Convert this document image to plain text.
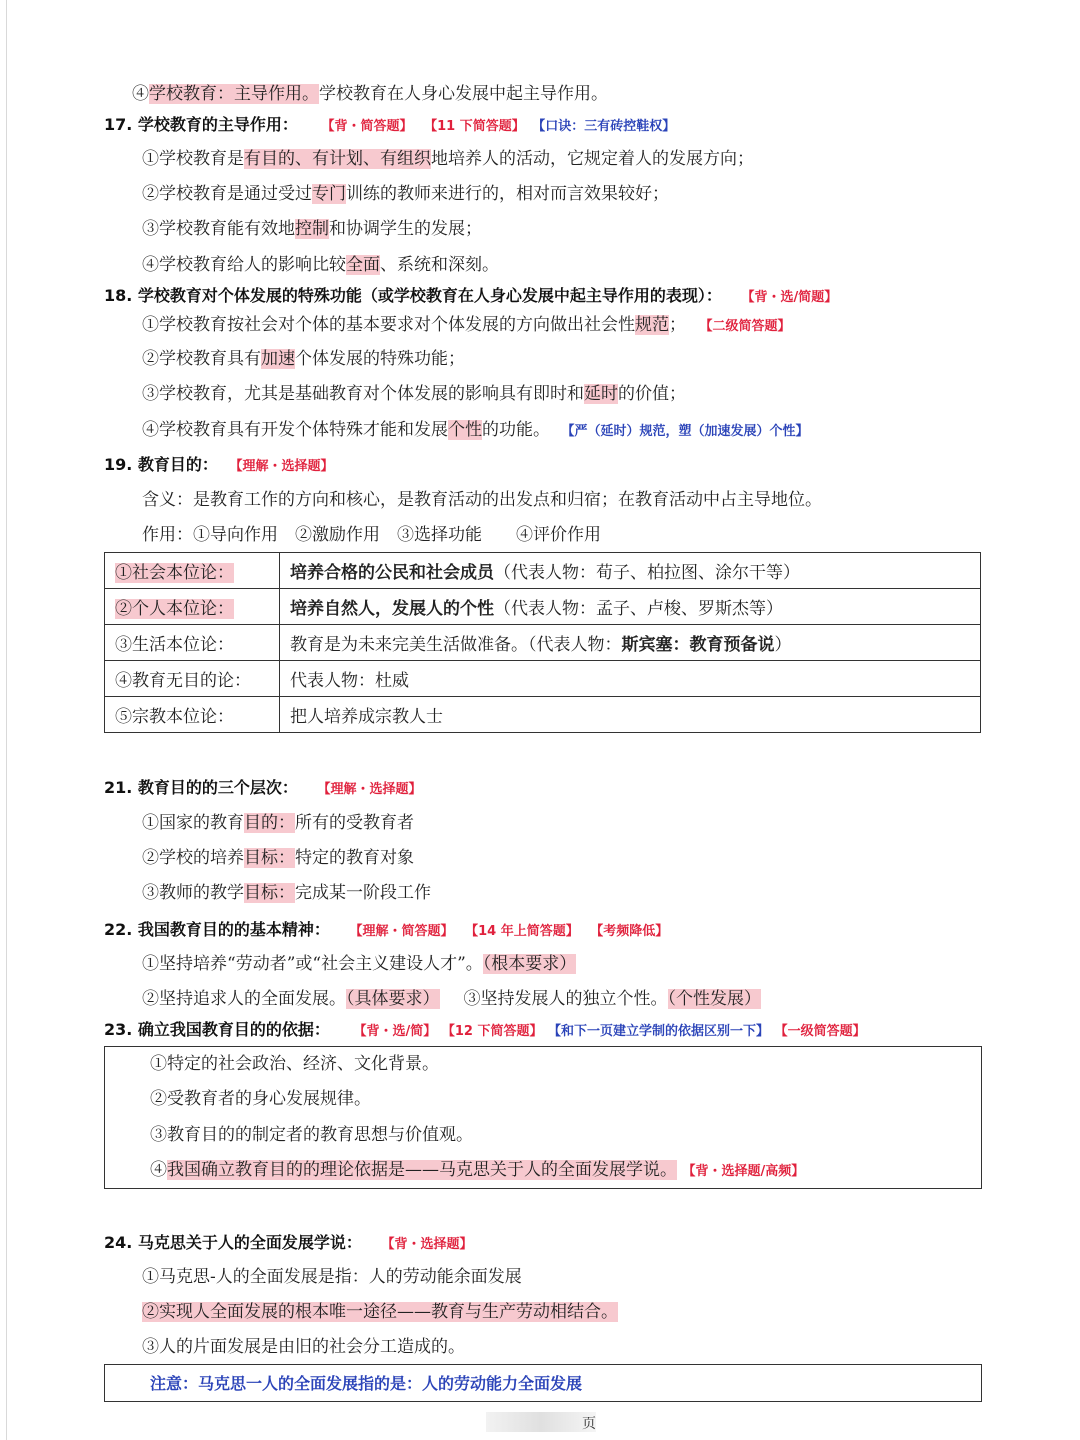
④学校教育：主导作用。学校教育在人身心发展中起主导作用。
17. 学校教育的主导作用： 【背・简答题】 【11 下简答题】 【口诀：三有砖控鞋权】
①学校教育是有目的、有计划、有组织地培养人的活动，它规定着人的发展方向；
②学校教育是通过受过专门训练的教师来进行的，相对而言效果较好；
③学校教育能有效地控制和协调学生的发展；
④学校教育给人的影响比较全面、系统和深刻。
18. 学校教育对个体发展的特殊功能（或学校教育在人身心发展中起主导作用的表现）： 【背・选/简题】
①学校教育按社会对个体的基本要求对个体发展的方向做出社会性规范； 【二级简答题】
②学校教育具有加速个体发展的特殊功能；
③学校教育，尤其是基础教育对个体发展的影响具有即时和延时的价值；
④学校教育具有开发个体特殊才能和发展个性的功能。 【严（延时）规范，塑（加速发展）个性】
19. 教育目的： 【理解・选择题】
含义：是教育工作的方向和核心，是教育活动的出发点和归宿；在教育活动中占主导地位。
作用：①导向作用　②激励作用　③选择功能　　④评价作用
①社会本位论：	培养合格的公民和社会成员（代表人物：荀子、柏拉图、涂尔干等）
②个人本位论：	培养自然人，发展人的个性（代表人物：孟子、卢梭、罗斯杰等）
③生活本位论：	教育是为未来完美生活做准备。（代表人物：斯宾塞：教育预备说）
④教育无目的论：	代表人物：杜威
⑤宗教本位论：	把人培养成宗教人士
21. 教育目的的三个层次： 【理解・选择题】
①国家的教育目的：所有的受教育者
②学校的培养目标：特定的教育对象
③教师的教学目标：完成某一阶段工作
22. 我国教育目的的基本精神： 【理解・简答题】 【14 年上简答题】 【考频降低】
①坚持培养“劳动者”或“社会主义建设人才”。（根本要求）
②坚持追求人的全面发展。（具体要求） ③坚持发展人的独立个性。（个性发展）
23. 确立我国教育目的的依据： 【背・选/简】 【12 下简答题】 【和下一页建立学制的依据区别一下】 【一级简答题】
①特定的社会政治、经济、文化背景。
②受教育者的身心发展规律。
③教育目的的制定者的教育思想与价值观。
④我国确立教育目的的理论依据是——马克思关于人的全面发展学说。 【背・选择题/高频】
24. 马克思关于人的全面发展学说： 【背・选择题】
①马克思-人的全面发展是指：人的劳动能余面发展
②实现人全面发展的根本唯一途径——教育与生产劳动相结合。
③人的片面发展是由旧的社会分工造成的。
注意：马克思一人的全面发展指的是：人的劳动能力全面发展
页
